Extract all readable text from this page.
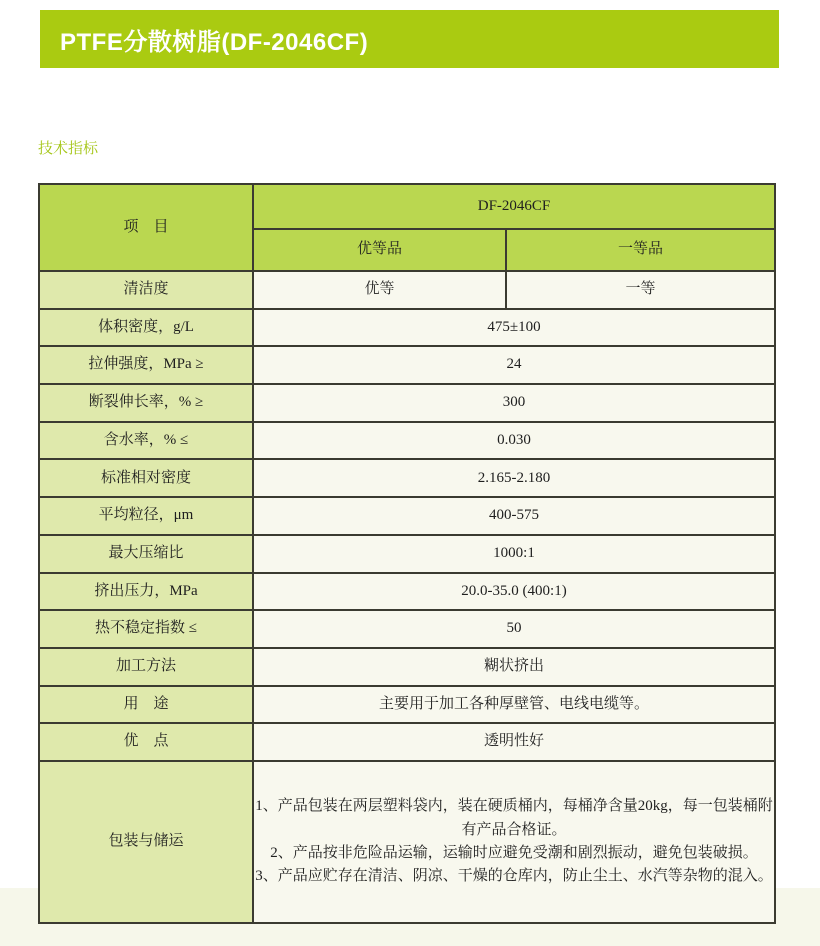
PTFE分散树脂(DF-2046CF)
技术指标
项　目	DF-2046CF	
	优等品	一等品
清洁度	优等	一等
体积密度，g/L	475±100	
拉伸强度，MPa ≥	24	
断裂伸长率，% ≥	300	
含水率，% ≤	0.030	
标准相对密度	2.165-2.180	
平均粒径，μm	400-575	
最大压缩比	1000:1	
挤出压力，MPa	20.0-35.0 (400:1)	
热不稳定指数 ≤	50	
加工方法	糊状挤出	
用　途	主要用于加工各种厚壁管、电线电缆等。	
优　点	透明性好	
包装与储运	1、产品包装在两层塑料袋内，装在硬质桶内，每桶净含量20kg，每一包装桶附有产品合格证。
2、产品按非危险品运输，运输时应避免受潮和剧烈振动，避免包装破损。
3、产品应贮存在清洁、阴凉、干燥的仓库内，防止尘土、水汽等杂物的混入。	
